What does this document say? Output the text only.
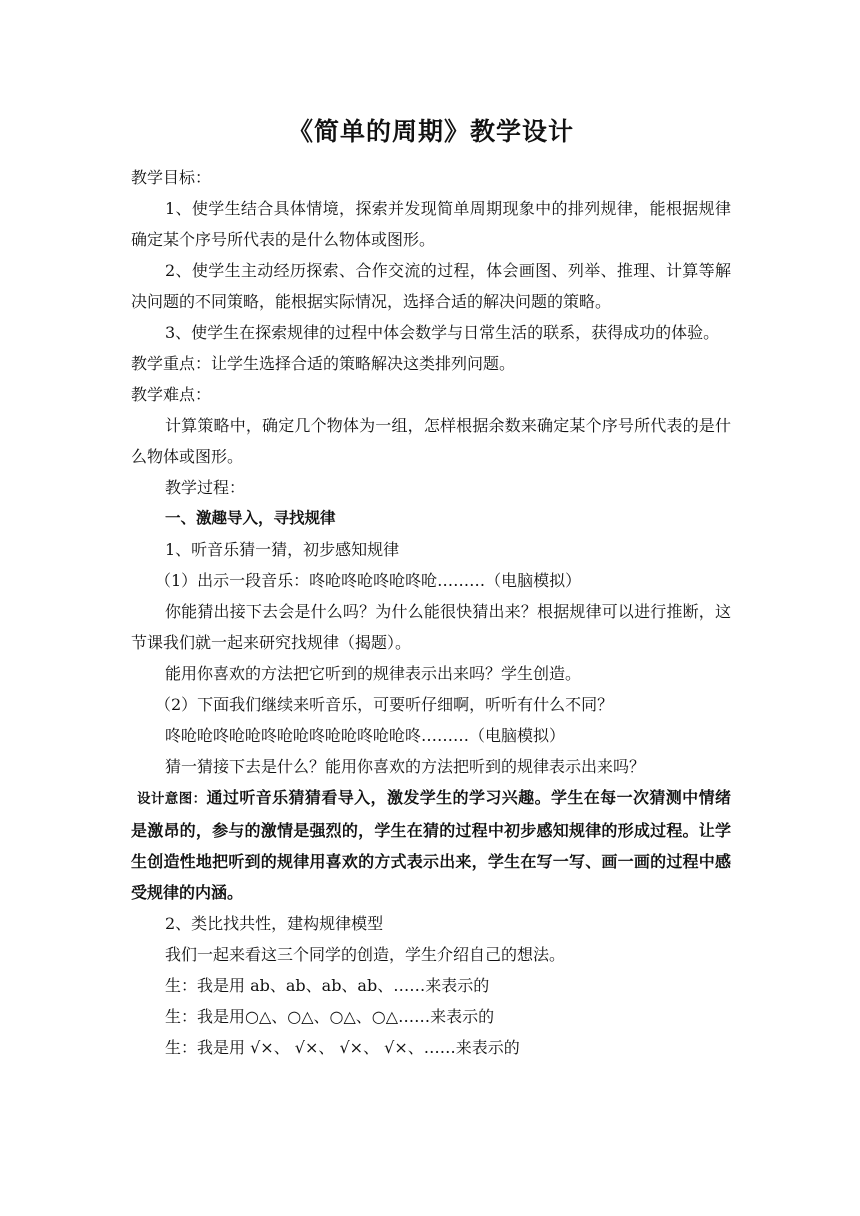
《简单的周期》教学设计

教学目标：

1、使学生结合具体情境，探索并发现简单周期现象中的排列规律，能根据规律确定某个序号所代表的是什么物体或图形。

2、使学生主动经历探索、合作交流的过程，体会画图、列举、推理、计算等解决问题的不同策略，能根据实际情况，选择合适的解决问题的策略。

3、使学生在探索规律的过程中体会数学与日常生活的联系，获得成功的体验。

教学重点：让学生选择合适的策略解决这类排列问题。

教学难点：

计算策略中，确定几个物体为一组，怎样根据余数来确定某个序号所代表的是什么物体或图形。

教学过程：

一、激趣导入，寻找规律

1、听音乐猜一猜，初步感知规律

（1）出示一段音乐：咚呛咚呛咚呛咚呛………（电脑模拟）

你能猜出接下去会是什么吗？为什么能很快猜出来？根据规律可以进行推断，这节课我们就一起来研究找规律（揭题）。

能用你喜欢的方法把它听到的规律表示出来吗？学生创造。

（2）下面我们继续来听音乐，可要听仔细啊，听听有什么不同？

咚呛呛咚呛呛咚呛呛咚呛呛咚呛呛咚………（电脑模拟）

猜一猜接下去是什么？能用你喜欢的方法把听到的规律表示出来吗？

设计意图：通过听音乐猜猜看导入，激发学生的学习兴趣。学生在每一次猜测中情绪是激昂的，参与的激情是强烈的，学生在猜的过程中初步感知规律的形成过程。让学生创造性地把听到的规律用喜欢的方式表示出来，学生在写一写、画一画的过程中感受规律的内涵。

2、类比找共性，建构规律模型

我们一起来看这三个同学的创造，学生介绍自己的想法。

生：我是用 ab、ab、ab、ab、……来表示的

生：我是用○△、○△、○△、○△……来表示的

生：我是用 √×、 √×、 √×、 √×、……来表示的
